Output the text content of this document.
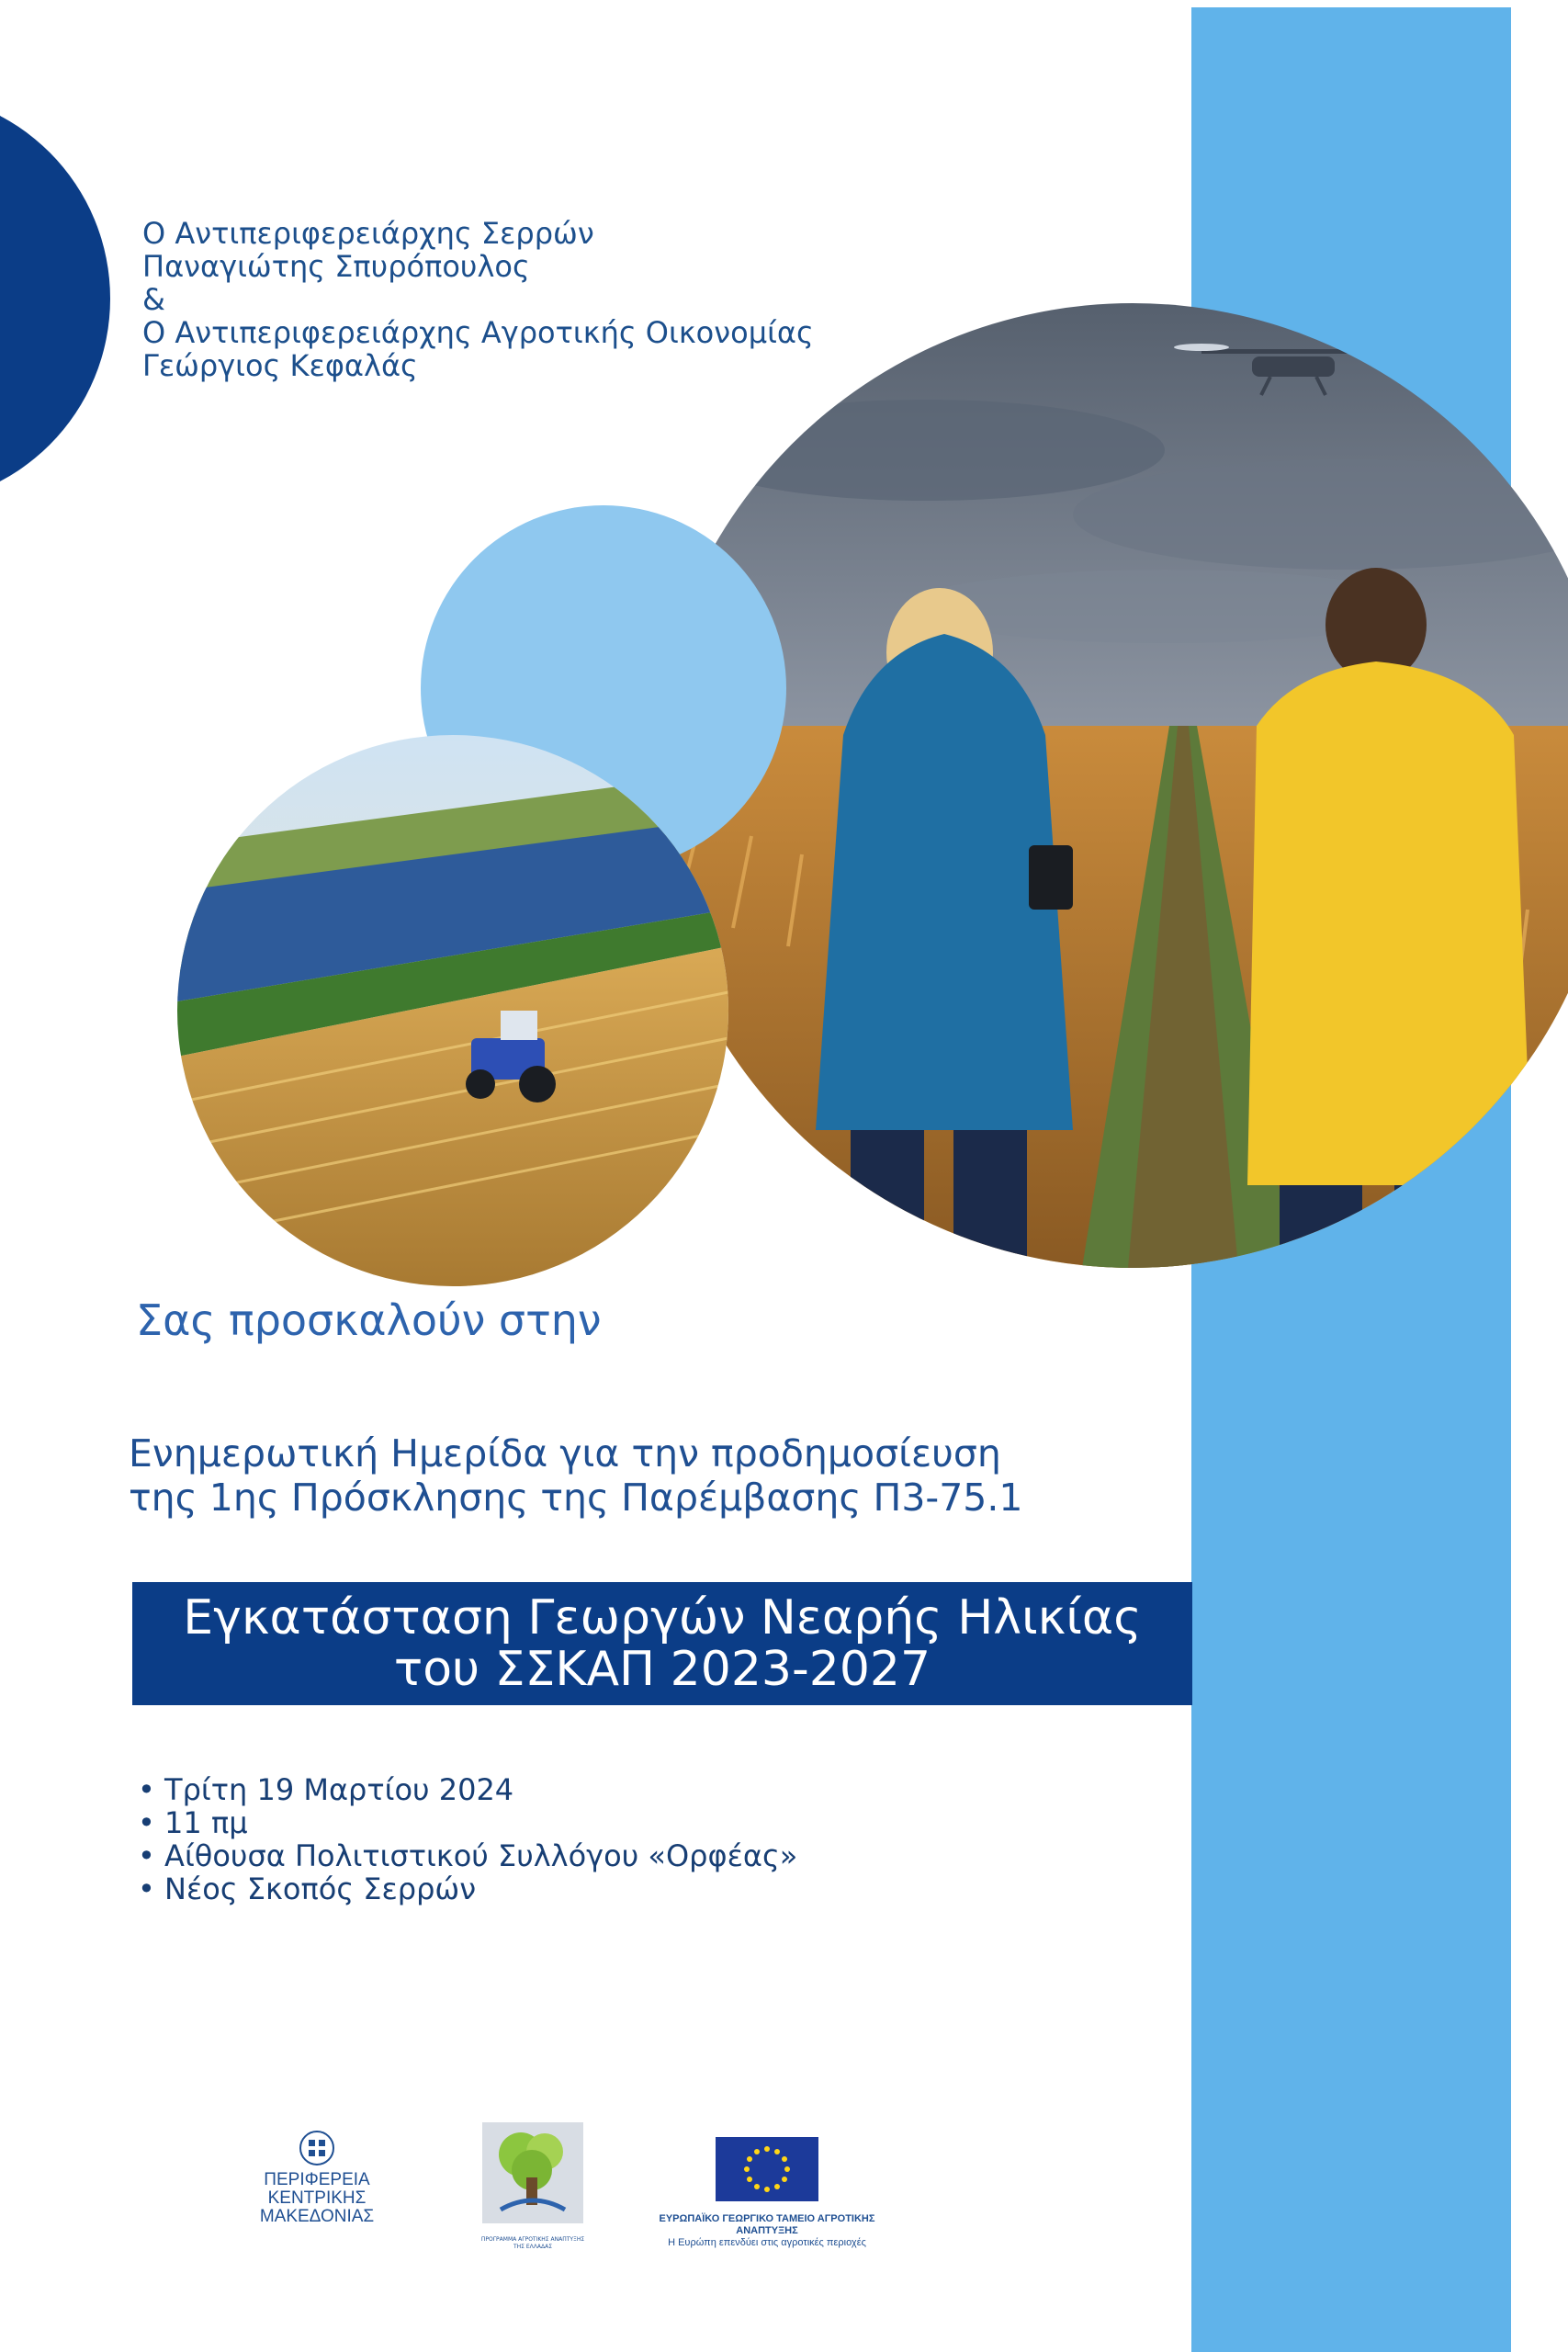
Ο Αντιπεριφερειάρχης Σερρών
Παναγιώτης Σπυρόπουλος
&
Ο Αντιπεριφερειάρχης Αγροτικής Οικονομίας
Γεώργιος Κεφαλάς
Σας προσκαλούν στην
Ενημερωτική Ημερίδα για την προδημοσίευση
της 1ης Πρόσκλησης της Παρέμβασης Π3-75.1
Εγκατάσταση Γεωργών Νεαρής Ηλικίας
του ΣΣΚΑΠ 2023-2027
• Τρίτη 19 Μαρτίου 2024
• 11 πμ
• Αίθουσα Πολιτιστικού Συλλόγου «Ορφέας»
• Νέος Σκοπός Σερρών
ΠΕΡΙΦΕΡΕΙΑ
ΚΕΝΤΡΙΚΗΣ
ΜΑΚΕΔΟΝΙΑΣ
ΠΡΟΓΡΑΜΜΑ ΑΓΡΟΤΙΚΗΣ ΑΝΑΠΤΥΞΗΣ
ΤΗΣ ΕΛΛΑΔΑΣ
ΕΥΡΩΠΑΪΚΟ ΓΕΩΡΓΙΚΟ ΤΑΜΕΙΟ ΑΓΡΟΤΙΚΗΣ ΑΝΑΠΤΥΞΗΣ
Η Ευρώπη επενδύει στις αγροτικές περιοχές
